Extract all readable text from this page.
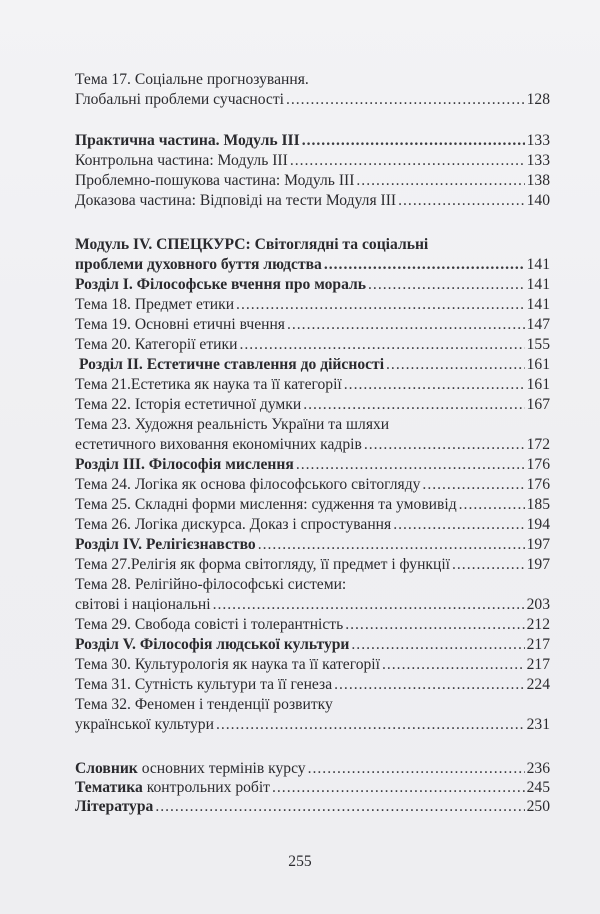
Тема 17. Соціальне прогнозування.
Глобальні проблеми сучасності .....	128
Практична частина. Модуль III .....	133
Контрольна частина: Модуль III .....	133
Проблемно-пошукова частина: Модуль III .....	138
Доказова частина: Відповіді на тести Модуля III .....	140
Модуль IV. СПЕЦКУРС: Світоглядні та соціальні
проблеми духовного буття людства .....	141
Розділ I. Філософське вчення про мораль .....	141
Тема 18. Предмет етики .....	141
Тема 19. Основні етичні вчення .....	147
Тема 20. Категорії етики .....	155
Розділ II. Естетичне ставлення до дійсності .....	161
Тема 21.Естетика як наука та її категорії .....	161
Тема 22. Історія естетичної думки .....	167
Тема 23. Художня реальність України та шляхи
естетичного виховання економічних кадрів .....	172
Розділ III. Філософія мислення .....	176
Тема 24. Логіка як основа філософського світогляду .....	176
Тема 25. Складні форми мислення: судження та умовивід .....	185
Тема 26. Логіка дискурса. Доказ і спростування .....	194
Розділ IV. Релігієзнавство .....	197
Тема 27.Релігія як форма світогляду, її предмет і функції .....	197
Тема 28. Релігійно-філософські системи:
світові і національні .....	203
Тема 29. Свобода совісті і толерантність .....	212
Розділ V. Філософія людської культури .....	217
Тема 30. Культурологія як наука та її категорії .....	217
Тема 31. Сутність культури та її генеза .....	224
Тема 32. Феномен і тенденції розвитку
української культури .....	231
Словник основних термінів курсу .....	236
Тематика контрольних робіт .....	245
Література .....	250
255
